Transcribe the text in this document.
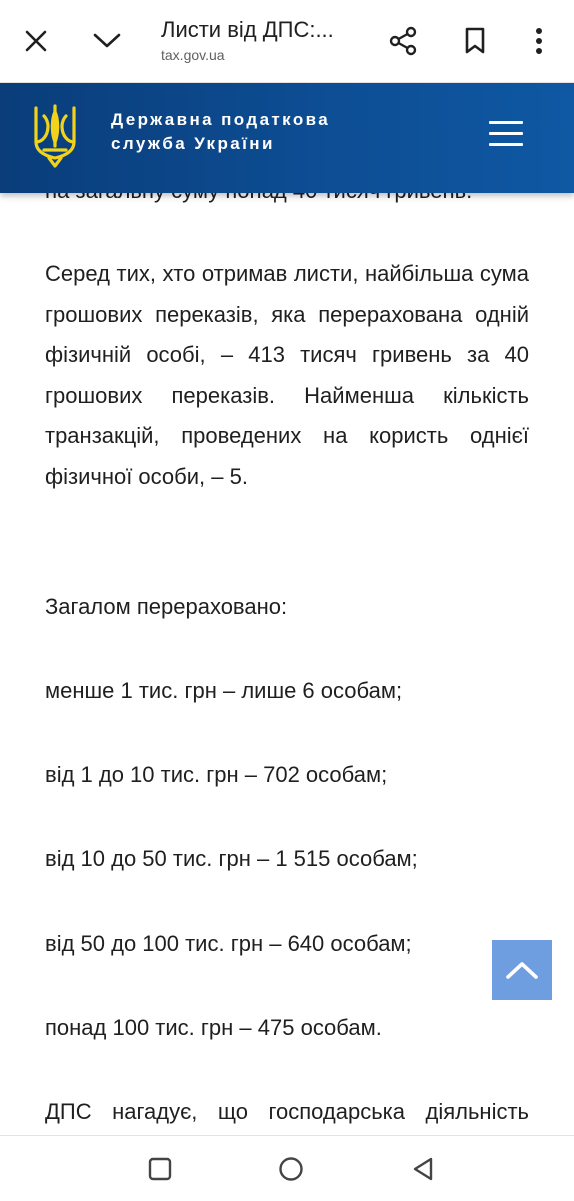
Серед тих, хто отримав листи, найбільша сума грошових переказів, яка перерахована одній фізичній особі, – 413 тисяч гривень за 40 грошових переказів. Найменша кількість транзакцій, проведених на користь однієї фізичної особи, – 5.

Загалом перераховано:
менше 1 тис. грн – лише 6 особам;
від 1 до 10 тис. грн – 702 особам;
від 10 до 50 тис. грн – 1 515 особам;
від 50 до 100 тис. грн – 640 особам;
понад 100 тис. грн – 475 особам.
ДПС нагадує, що господарська діяльність
Листи від ДПС:...
tax.gov.ua
Державна податкова
служба України
